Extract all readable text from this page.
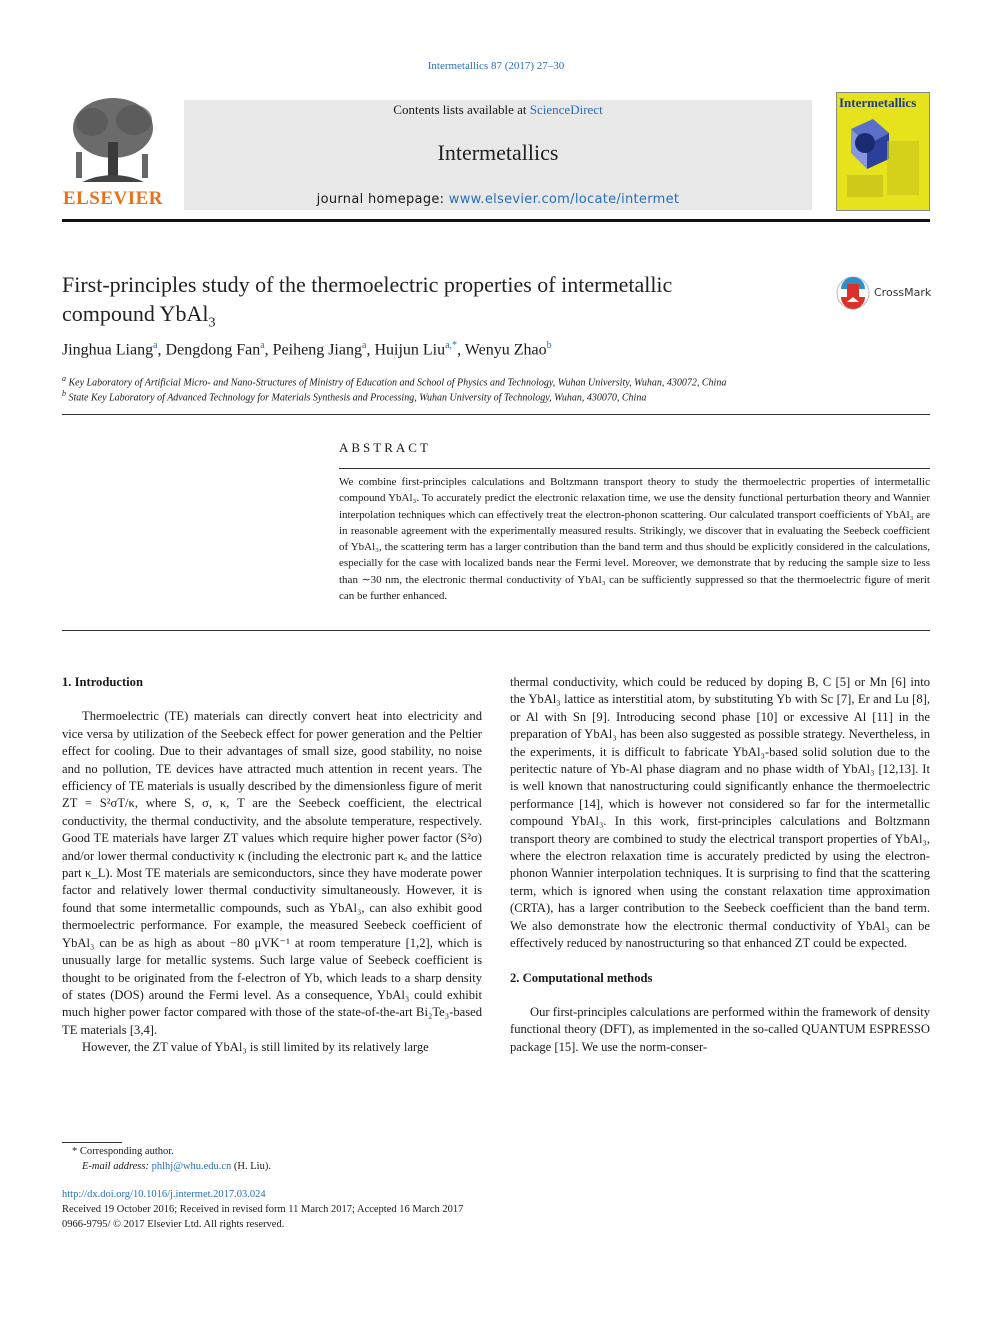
Intermetallics 87 (2017) 27–30
ELSEVIER
Contents lists available at ScienceDirect
Intermetallics
journal homepage: www.elsevier.com/locate/intermet
Intermetallics
First-principles study of the thermoelectric properties of intermetallic
compound YbAl$_3$
CrossMark
Jinghua Liang$^a$, Dengdong Fan$^a$, Peiheng Jiang$^a$, Huijun Liu$^{a,*}$, Wenyu Zhao$^b$
$^a$ Key Laboratory of Artificial Micro- and Nano-Structures of Ministry of Education and School of Physics and Technology, Wuhan University, Wuhan, 430072, China
$^b$ State Key Laboratory of Advanced Technology for Materials Synthesis and Processing, Wuhan University of Technology, Wuhan, 430070, China
ABSTRACT
We combine first-principles calculations and Boltzmann transport theory to study the thermoelectric properties of intermetallic compound YbAl₃. To accurately predict the electronic relaxation time, we use the density functional perturbation theory and Wannier interpolation techniques which can effectively treat the electron-phonon scattering. Our calculated transport coefficients of YbAl₃ are in reasonable agreement with the experimentally measured results. Strikingly, we discover that in evaluating the Seebeck coefficient of YbAl₃, the scattering term has a larger contribution than the band term and thus should be explicitly considered in the calculations, especially for the case with localized bands near the Fermi level. Moreover, we demonstrate that by reducing the sample size to less than ∼30 nm, the electronic thermal conductivity of YbAl₃ can be sufficiently suppressed so that the thermoelectric figure of merit can be further enhanced.

1. Introduction

Thermoelectric (TE) materials can directly convert heat into electricity and vice versa by utilization of the Seebeck effect for power generation and the Peltier effect for cooling. Due to their advantages of small size, good stability, no noise and no pollution, TE devices have attracted much attention in recent years. The efficiency of TE materials is usually described by the dimensionless figure of merit ZT = S²σT/κ, where S, σ, κ, T are the Seebeck coefficient, the electrical conductivity, the thermal conductivity, and the absolute temperature, respectively. Good TE materials have larger ZT values which require higher power factor (S²σ) and/or lower thermal conductivity κ (including the electronic part κₑ and the lattice part κ_L). Most TE materials are semiconductors, since they have moderate power factor and relatively lower thermal conductivity simultaneously. However, it is found that some intermetallic compounds, such as YbAl₃, can also exhibit good thermoelectric performance. For example, the measured Seebeck coefficient of YbAl₃ can be as high as about −80 μVK⁻¹ at room temperature [1,2], which is unusually large for metallic systems. Such large value of Seebeck coefficient is thought to be originated from the f-electron of Yb, which leads to a sharp density of states (DOS) around the Fermi level. As a consequence, YbAl₃ could exhibit much higher power factor compared with those of the state-of-the-art Bi₂Te₃-based TE materials [3,4].

However, the ZT value of YbAl₃ is still limited by its relatively large

thermal conductivity, which could be reduced by doping B, C [5] or Mn [6] into the YbAl₃ lattice as interstitial atom, by substituting Yb with Sc [7], Er and Lu [8], or Al with Sn [9]. Introducing second phase [10] or excessive Al [11] in the preparation of YbAl₃ has been also suggested as possible strategy. Nevertheless, in the experiments, it is difficult to fabricate YbAl₃-based solid solution due to the peritectic nature of Yb-Al phase diagram and no phase width of YbAl₃ [12,13]. It is well known that nanostructuring could significantly enhance the thermoelectric performance [14], which is however not considered so far for the intermetallic compound YbAl₃. In this work, first-principles calculations and Boltzmann transport theory are combined to study the electrical transport properties of YbAl₃, where the electron relaxation time is accurately predicted by using the electron-phonon Wannier interpolation techniques. It is surprising to find that the scattering term, which is ignored when using the constant relaxation time approximation (CRTA), has a larger contribution to the Seebeck coefficient than the band term. We also demonstrate how the electronic thermal conductivity of YbAl₃ can be effectively reduced by nanostructuring so that enhanced ZT could be expected.

2. Computational methods

Our first-principles calculations are performed within the framework of density functional theory (DFT), as implemented in the so-called QUANTUM ESPRESSO package [15]. We use the norm-conser-

* Corresponding author.
E-mail address: phlhj@whu.edu.cn (H. Liu).
http://dx.doi.org/10.1016/j.intermet.2017.03.024
Received 19 October 2016; Received in revised form 11 March 2017; Accepted 16 March 2017
0966-9795/ © 2017 Elsevier Ltd. All rights reserved.
